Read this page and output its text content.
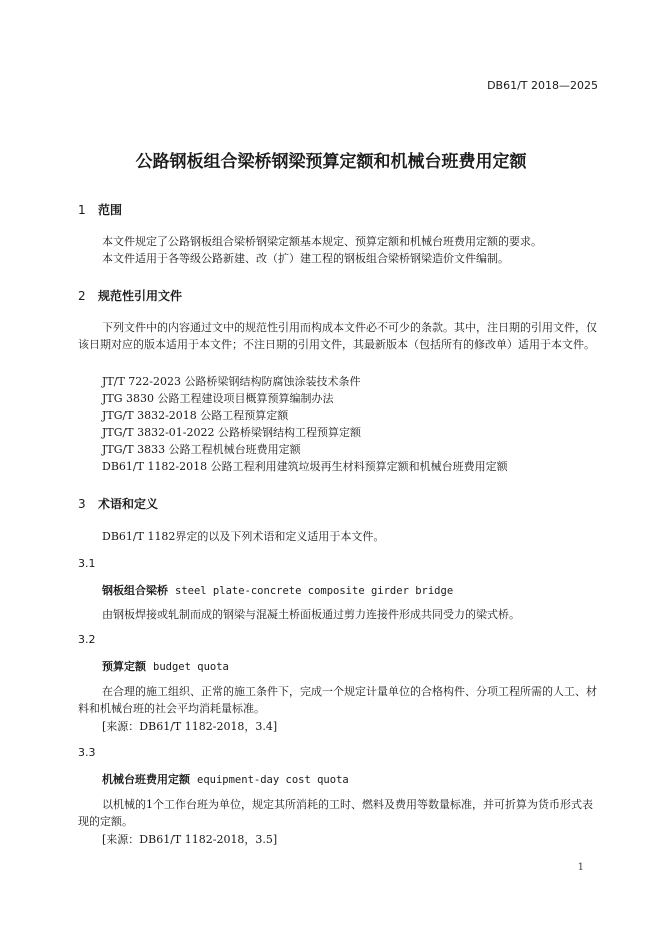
DB61/T 2018—2025
公路钢板组合梁桥钢梁预算定额和机械台班费用定额
1 范围

本文件规定了公路钢板组合梁桥钢梁定额基本规定、预算定额和机械台班费用定额的要求。

本文件适用于各等级公路新建、改（扩）建工程的钢板组合梁桥钢梁造价文件编制。

2 规范性引用文件

下列文件中的内容通过文中的规范性引用而构成本文件必不可少的条款。其中，注日期的引用文件，仅该日期对应的版本适用于本文件；不注日期的引用文件，其最新版本（包括所有的修改单）适用于本文件。

JT/T 722-2023 公路桥梁钢结构防腐蚀涂装技术条件
JTG 3830 公路工程建设项目概算预算编制办法
JTG/T 3832-2018 公路工程预算定额
JTG/T 3832-01-2022 公路桥梁钢结构工程预算定额
JTG/T 3833 公路工程机械台班费用定额
DB61/T 1182-2018 公路工程利用建筑垃圾再生材料预算定额和机械台班费用定额
3 术语和定义
DB61/T 1182界定的以及下列术语和定义适用于本文件。
3.1
钢板组合梁桥 steel plate-concrete composite girder bridge

由钢板焊接或轧制而成的钢梁与混凝土桥面板通过剪力连接件形成共同受力的梁式桥。

3.2
预算定额 budget quota

在合理的施工组织、正常的施工条件下，完成一个规定计量单位的合格构件、分项工程所需的人工、材料和机械台班的社会平均消耗量标准。

[来源：DB61/T 1182-2018，3.4]
3.3
机械台班费用定额 equipment-day cost quota

以机械的1个工作台班为单位，规定其所消耗的工时、燃料及费用等数量标准，并可折算为货币形式表现的定额。

[来源：DB61/T 1182-2018，3.5]
1
